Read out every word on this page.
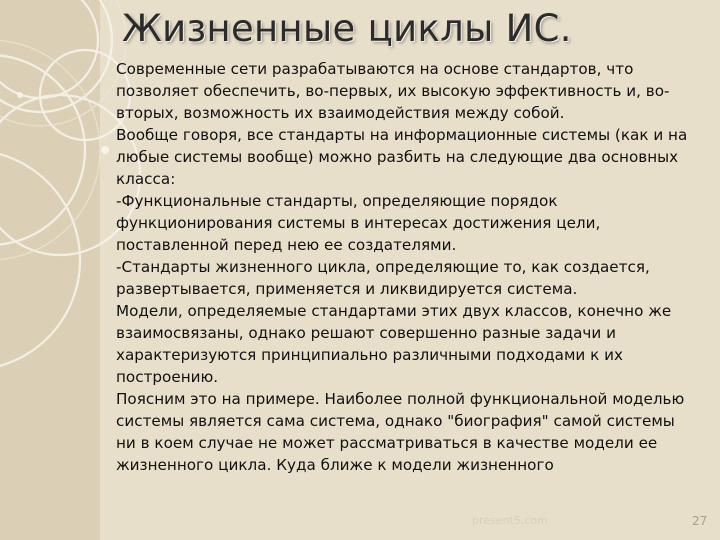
Жизненные циклы ИС.

Современные сети разрабатываются на основе стандартов, что позволяет обеспечить, во-первых, их высокую эффективность и, во-вторых, возможность их взаимодействия между собой.

Вообще говоря, все стандарты на информационные системы (как и на любые системы вообще) можно разбить на следующие два основных класса:

-Функциональные стандарты, определяющие порядок функционирования системы в интересах достижения цели, поставленной перед нею ее создателями.

-Стандарты жизненного цикла, определяющие то, как создается, развертывается, применяется и ликвидируется система.

Модели, определяемые стандартами этих двух классов, конечно же взаимосвязаны, однако решают совершенно разные задачи и характеризуются принципиально различными подходами к их построению.

Поясним это на примере. Наиболее полной функциональной моделью системы является сама система, однако "биография" самой системы ни в коем случае не может рассматриваться в качестве модели ее жизненного цикла. Куда ближе к модели жизненного

present5.com	27
